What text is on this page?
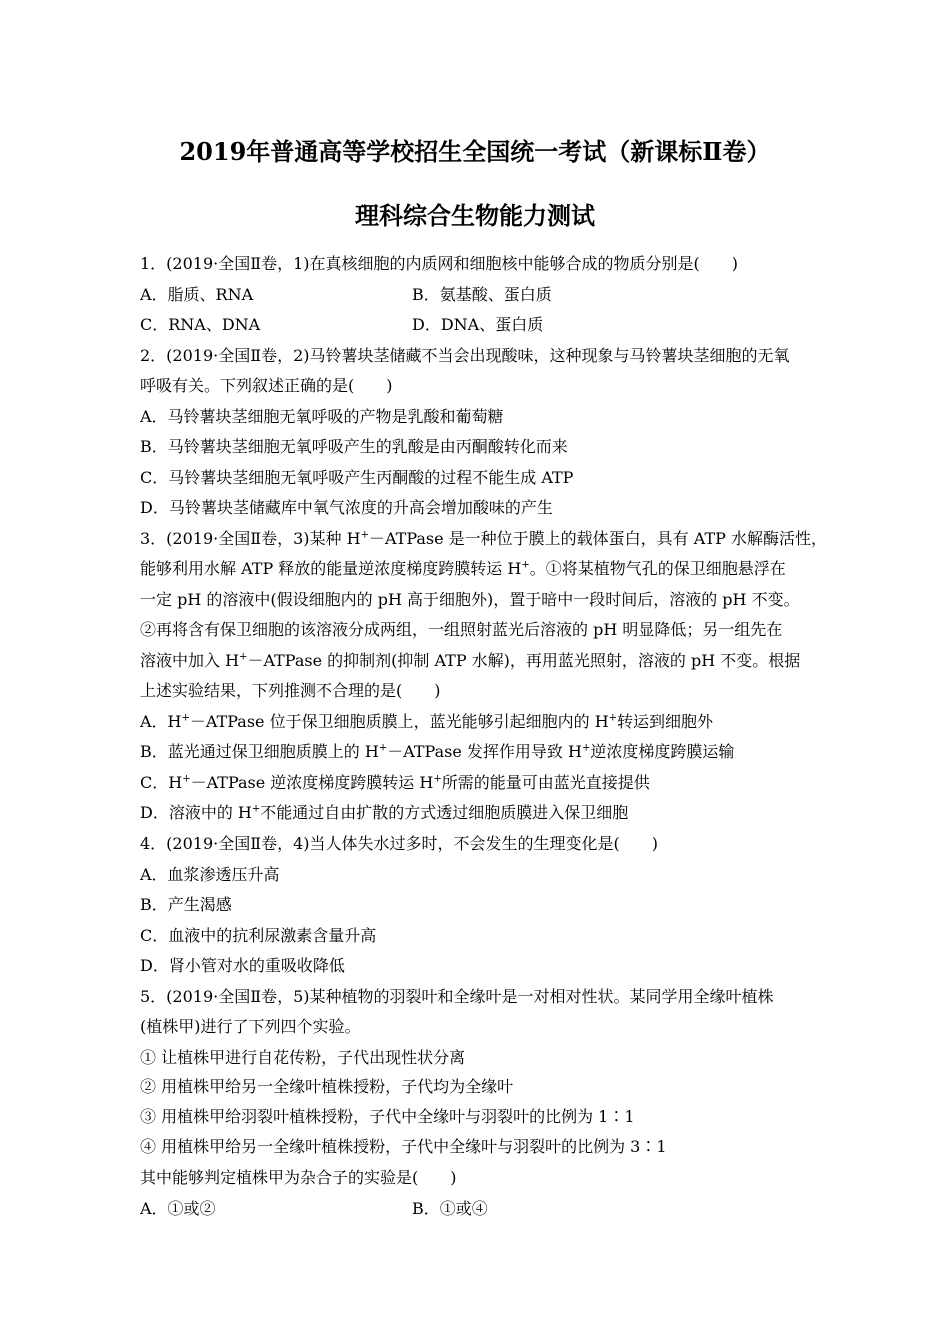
2019年普通高等学校招生全国统一考试（新课标Ⅱ卷）
理科综合生物能力测试
1．(2019·全国Ⅱ卷，1)在真核细胞的内质网和细胞核中能够合成的物质分别是(　　)
A．脂质、RNA	B．氨基酸、蛋白质
C．RNA、DNA	D．DNA、蛋白质
2．(2019·全国Ⅱ卷，2)马铃薯块茎储藏不当会出现酸味，这种现象与马铃薯块茎细胞的无氧
呼吸有关。下列叙述正确的是(　　)
A．马铃薯块茎细胞无氧呼吸的产物是乳酸和葡萄糖
B．马铃薯块茎细胞无氧呼吸产生的乳酸是由丙酮酸转化而来
C．马铃薯块茎细胞无氧呼吸产生丙酮酸的过程不能生成 ATP
D．马铃薯块茎储藏库中氧气浓度的升高会增加酸味的产生
3．(2019·全国Ⅱ卷，3)某种 H+－ATPase 是一种位于膜上的载体蛋白，具有 ATP 水解酶活性，
能够利用水解 ATP 释放的能量逆浓度梯度跨膜转运 H+。①将某植物气孔的保卫细胞悬浮在
一定 pH 的溶液中(假设细胞内的 pH 高于细胞外)，置于暗中一段时间后，溶液的 pH 不变。
②再将含有保卫细胞的该溶液分成两组，一组照射蓝光后溶液的 pH 明显降低；另一组先在
溶液中加入 H+－ATPase 的抑制剂(抑制 ATP 水解)，再用蓝光照射，溶液的 pH 不变。根据
上述实验结果，下列推测不合理的是(　　)
A．H+－ATPase 位于保卫细胞质膜上，蓝光能够引起细胞内的 H+转运到细胞外
B．蓝光通过保卫细胞质膜上的 H+－ATPase 发挥作用导致 H+逆浓度梯度跨膜运输
C．H+－ATPase 逆浓度梯度跨膜转运 H+所需的能量可由蓝光直接提供
D．溶液中的 H+不能通过自由扩散的方式透过细胞质膜进入保卫细胞
4．(2019·全国Ⅱ卷，4)当人体失水过多时，不会发生的生理变化是(　　)
A．血浆渗透压升高
B．产生渴感
C．血液中的抗利尿激素含量升高
D．肾小管对水的重吸收降低
5．(2019·全国Ⅱ卷，5)某种植物的羽裂叶和全缘叶是一对相对性状。某同学用全缘叶植株
(植株甲)进行了下列四个实验。
① 让植株甲进行自花传粉，子代出现性状分离
② 用植株甲给另一全缘叶植株授粉，子代均为全缘叶
③ 用植株甲给羽裂叶植株授粉，子代中全缘叶与羽裂叶的比例为 1∶1
④ 用植株甲给另一全缘叶植株授粉，子代中全缘叶与羽裂叶的比例为 3∶1
其中能够判定植株甲为杂合子的实验是(　　)
A．①或②	B．①或④
